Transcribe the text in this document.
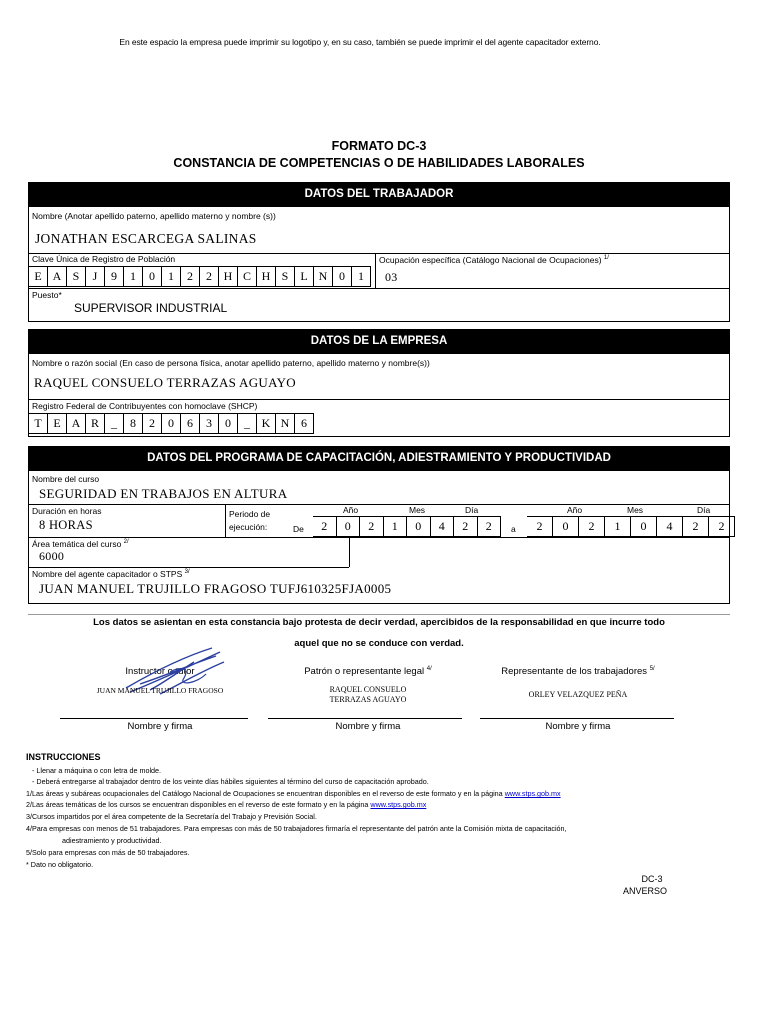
En este espacio la empresa puede imprimir su logotipo y, en su caso, también se puede imprimir el del agente capacitador externo.
FORMATO DC-3
CONSTANCIA DE COMPETENCIAS O DE HABILIDADES LABORALES
DATOS DEL TRABAJADOR
Nombre (Anotar apellido paterno, apellido materno y nombre (s))
JONATHAN ESCARCEGA SALINAS
Clave Única de Registro de Población
E A S	J	9	1	0	1	2	2 H C H S L N 0	1
Ocupación específica (Catálogo Nacional de Ocupaciones) $^{1/}$
03
Puesto*
SUPERVISOR INDUSTRIAL
DATOS DE LA EMPRESA
Nombre o razón social (En caso de persona física, anotar apellido paterno, apellido materno y nombre(s))
RAQUEL CONSUELO TERRAZAS AGUAYO
Registro Federal de Contribuyentes con homoclave (SHCP)
T E A R	_	8	2	0	6	3	0	_ K N 6
DATOS DEL PROGRAMA DE CAPACITACIÓN, ADIESTRAMIENTO Y PRODUCTIVIDAD
Nombre del curso
SEGURIDAD EN TRABAJOS EN ALTURA
Duración en horas
8 HORAS
Periodo de
ejecución:	De
Año	Mes	Día
2	0	2	1	0	4	2	2	a
Año	Mes	Día
2	0	2	1	0	4	2	2
Área temática del curso $^{2/}$
6000
Nombre del agente capacitador o STPS $^{3/}$
JUAN MANUEL TRUJILLO FRAGOSO TUFJ610325FJA0005
Los datos se asientan en esta constancia bajo protesta de decir verdad, apercibidos de la responsabilidad en que incurre todo
aquel que no se conduce con verdad.
Instructor o tutor
JUAN MANUEL TRUJILLO FRAGOSO
Nombre y firma
Patrón o representante legal $^{4/}$
RAQUEL CONSUELO
TERRAZAS AGUAYO
Nombre y firma
Representante de los trabajadores $^{5/}$
ORLEY VELAZQUEZ PEÑA
Nombre y firma
INSTRUCCIONES
- Llenar a máquina o con letra de molde.
- Deberá entregarse al trabajador dentro de los veinte días hábiles siguientes al término del curso de capacitación aprobado.
1/Las áreas y subáreas ocupacionales del Catálogo Nacional de Ocupaciones se encuentran disponibles en el reverso de este formato y en la página www.stps.gob.mx
2/Las áreas temáticas de los cursos se encuentran disponibles en el reverso de este formato y en la página www.stps.gob.mx
3/Cursos impartidos por el área competente de la Secretaría del Trabajo y Previsión Social.
4/Para empresas con menos de 51 trabajadores. Para empresas con más de 50 trabajadores firmaría el representante del patrón ante la Comisión mixta de capacitación,
adiestramiento y productividad.
5/Solo para empresas con más de 50 trabajadores.
* Dato no obligatorio.
DC-3
ANVERSO
